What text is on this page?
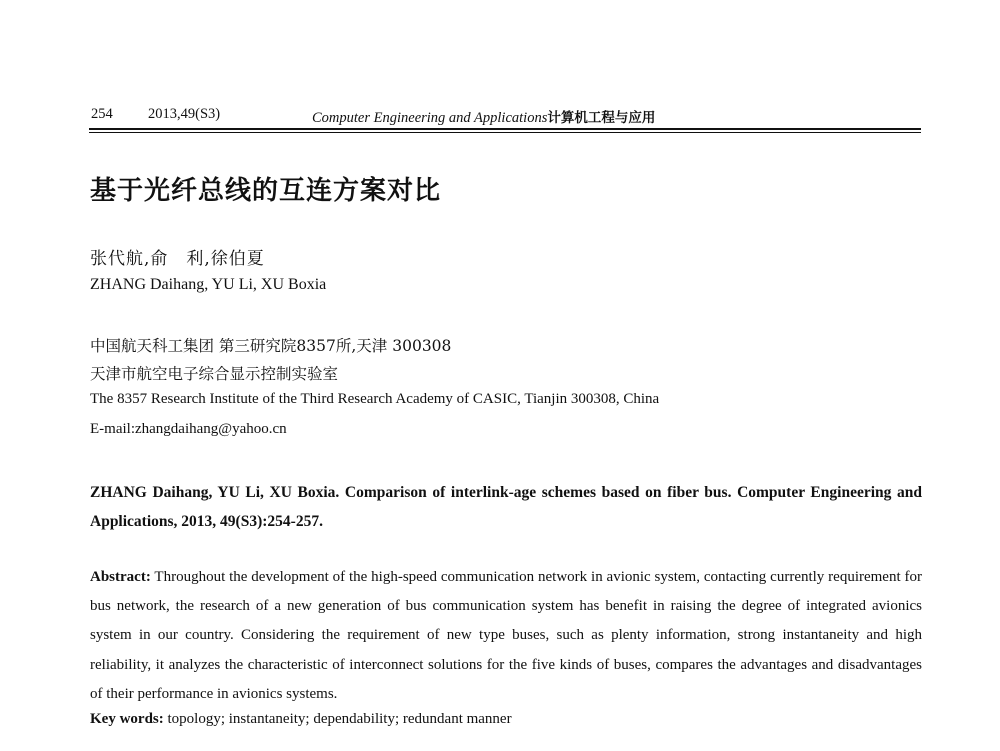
254 2013,49(S3)	Computer Engineering and Applications计算机工程与应用
基于光纤总线的互连方案对比
张代航,俞　利,徐伯夏
ZHANG Daihang, YU Li, XU Boxia
中国航天科工集团 第三研究院8357所,天津 300308
天津市航空电子综合显示控制实验室
The 8357 Research Institute of the Third Research Academy of CASIC, Tianjin 300308, China
E-mail:zhangdaihang@yahoo.cn

ZHANG Daihang, YU Li, XU Boxia. Comparison of interlink-age schemes based on fiber bus. Computer Engineering and Applications, 2013, 49(S3):254-257.

Abstract: Throughout the development of the high-speed communication network in avionic system, contacting currently requirement for bus network, the research of a new generation of bus communication system has benefit in raising the degree of integrated avionics system in our country. Considering the requirement of new type buses, such as plenty information, strong instantaneity and high reliability, it analyzes the characteristic of interconnect solutions for the five kinds of buses, compares the advantages and disadvantages of their performance in avionics systems.

Key words: topology; instantaneity; dependability; redundant manner
